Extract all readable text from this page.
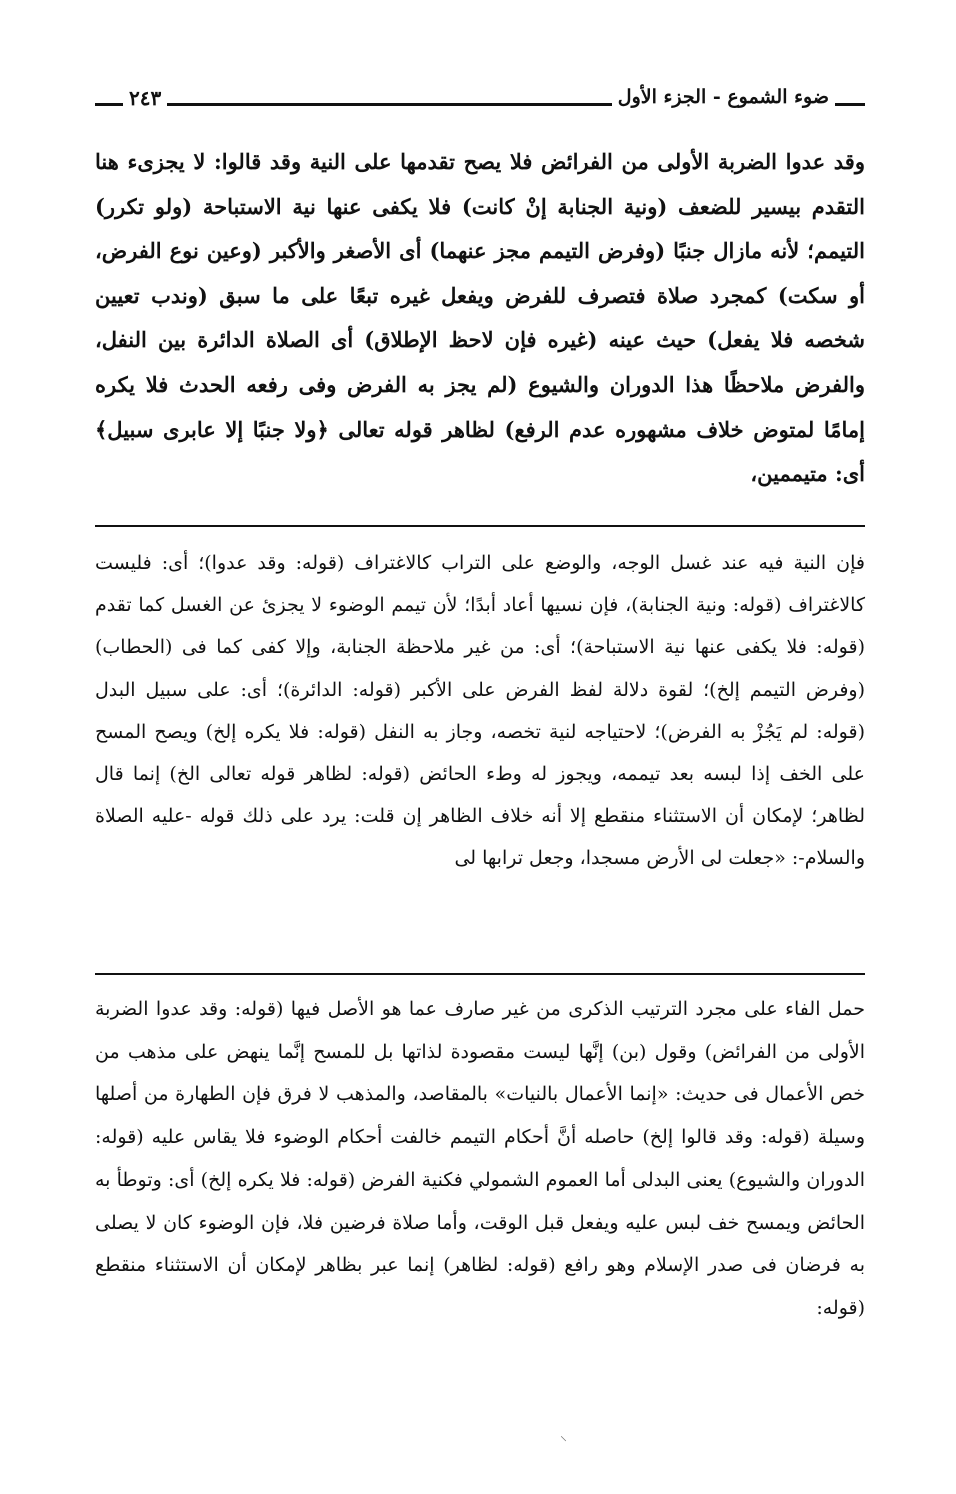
ضوء الشموع - الجزء الأول
٢٤٣

وقد عدوا الضربة الأولى من الفرائض فلا يصح تقدمها على النية وقد قالوا: لا يجزىء هنا التقدم بيسير للضعف (ونية الجنابة إنْ كانت) فلا يكفى عنها نية الاستباحة (ولو تكرر) التيمم؛ لأنه مازال جنبًا (وفرض التيمم مجز عنهما) أى الأصغر والأكبر (وعين نوع الفرض، أو سكت) كمجرد صلاة فتصرف للفرض ويفعل غيره تبعًا على ما سبق (وندب تعيين شخصه فلا يفعل) حيث عينه (غيره فإن لاحظ الإطلاق) أى الصلاة الدائرة بين النفل، والفرض ملاحظًا هذا الدوران والشيوع (لم يجز به الفرض وفى رفعه الحدث فلا يكره إمامًا لمتوض خلاف مشهوره عدم الرفع) لظاهر قوله تعالى ﴿ولا جنبًا إلا عابرى سبيل﴾ أى: متيممين،

فإن النية فيه عند غسل الوجه، والوضع على التراب كالاغتراف (قوله: وقد عدوا)؛ أى: فليست كالاغتراف (قوله: ونية الجنابة)، فإن نسيها أعاد أبدًا؛ لأن تيمم الوضوء لا يجزئ عن الغسل كما تقدم (قوله: فلا يكفى عنها نية الاستباحة)؛ أى: من غير ملاحظة الجنابة، وإلا كفى كما فى (الحطاب) (وفرض التيمم إلخ)؛ لقوة دلالة لفظ الفرض على الأكبر (قوله: الدائرة)؛ أى: على سبيل البدل (قوله: لم يَجُزْ به الفرض)؛ لاحتياجه لنية تخصه، وجاز به النفل (قوله: فلا يكره إلخ) ويصح المسح على الخف إذا لبسه بعد تيممه، ويجوز له وطء الحائض (قوله: لظاهر قوله تعالى الخ) إنما قال لظاهر؛ لإمكان أن الاستثناء منقطع إلا أنه خلاف الظاهر إن قلت: يرد على ذلك قوله -عليه الصلاة والسلام-: «جعلت لى الأرض مسجدا، وجعل ترابها لى

حمل الفاء على مجرد الترتيب الذكرى من غير صارف عما هو الأصل فيها (قوله: وقد عدوا الضربة الأولى من الفرائض) وقول (بن) إنَّها ليست مقصودة لذاتها بل للمسح إنَّما ينهض على مذهب من خص الأعمال فى حديث: «إنما الأعمال بالنيات» بالمقاصد، والمذهب لا فرق فإن الطهارة من أصلها وسيلة (قوله: وقد قالوا إلخ) حاصله أنَّ أحكام التيمم خالفت أحكام الوضوء فلا يقاس عليه (قوله: الدوران والشيوع) يعنى البدلى أما العموم الشمولي فكنية الفرض (قوله: فلا يكره إلخ) أى: وتوطأ به الحائض ويمسح خف لبس عليه ويفعل قبل الوقت، وأما صلاة فرضين فلا، فإن الوضوء كان لا يصلى به فرضان فى صدر الإسلام وهو رافع (قوله: لظاهر) إنما عبر بظاهر لإمكان أن الاستثناء منقطع (قوله:

⸌
